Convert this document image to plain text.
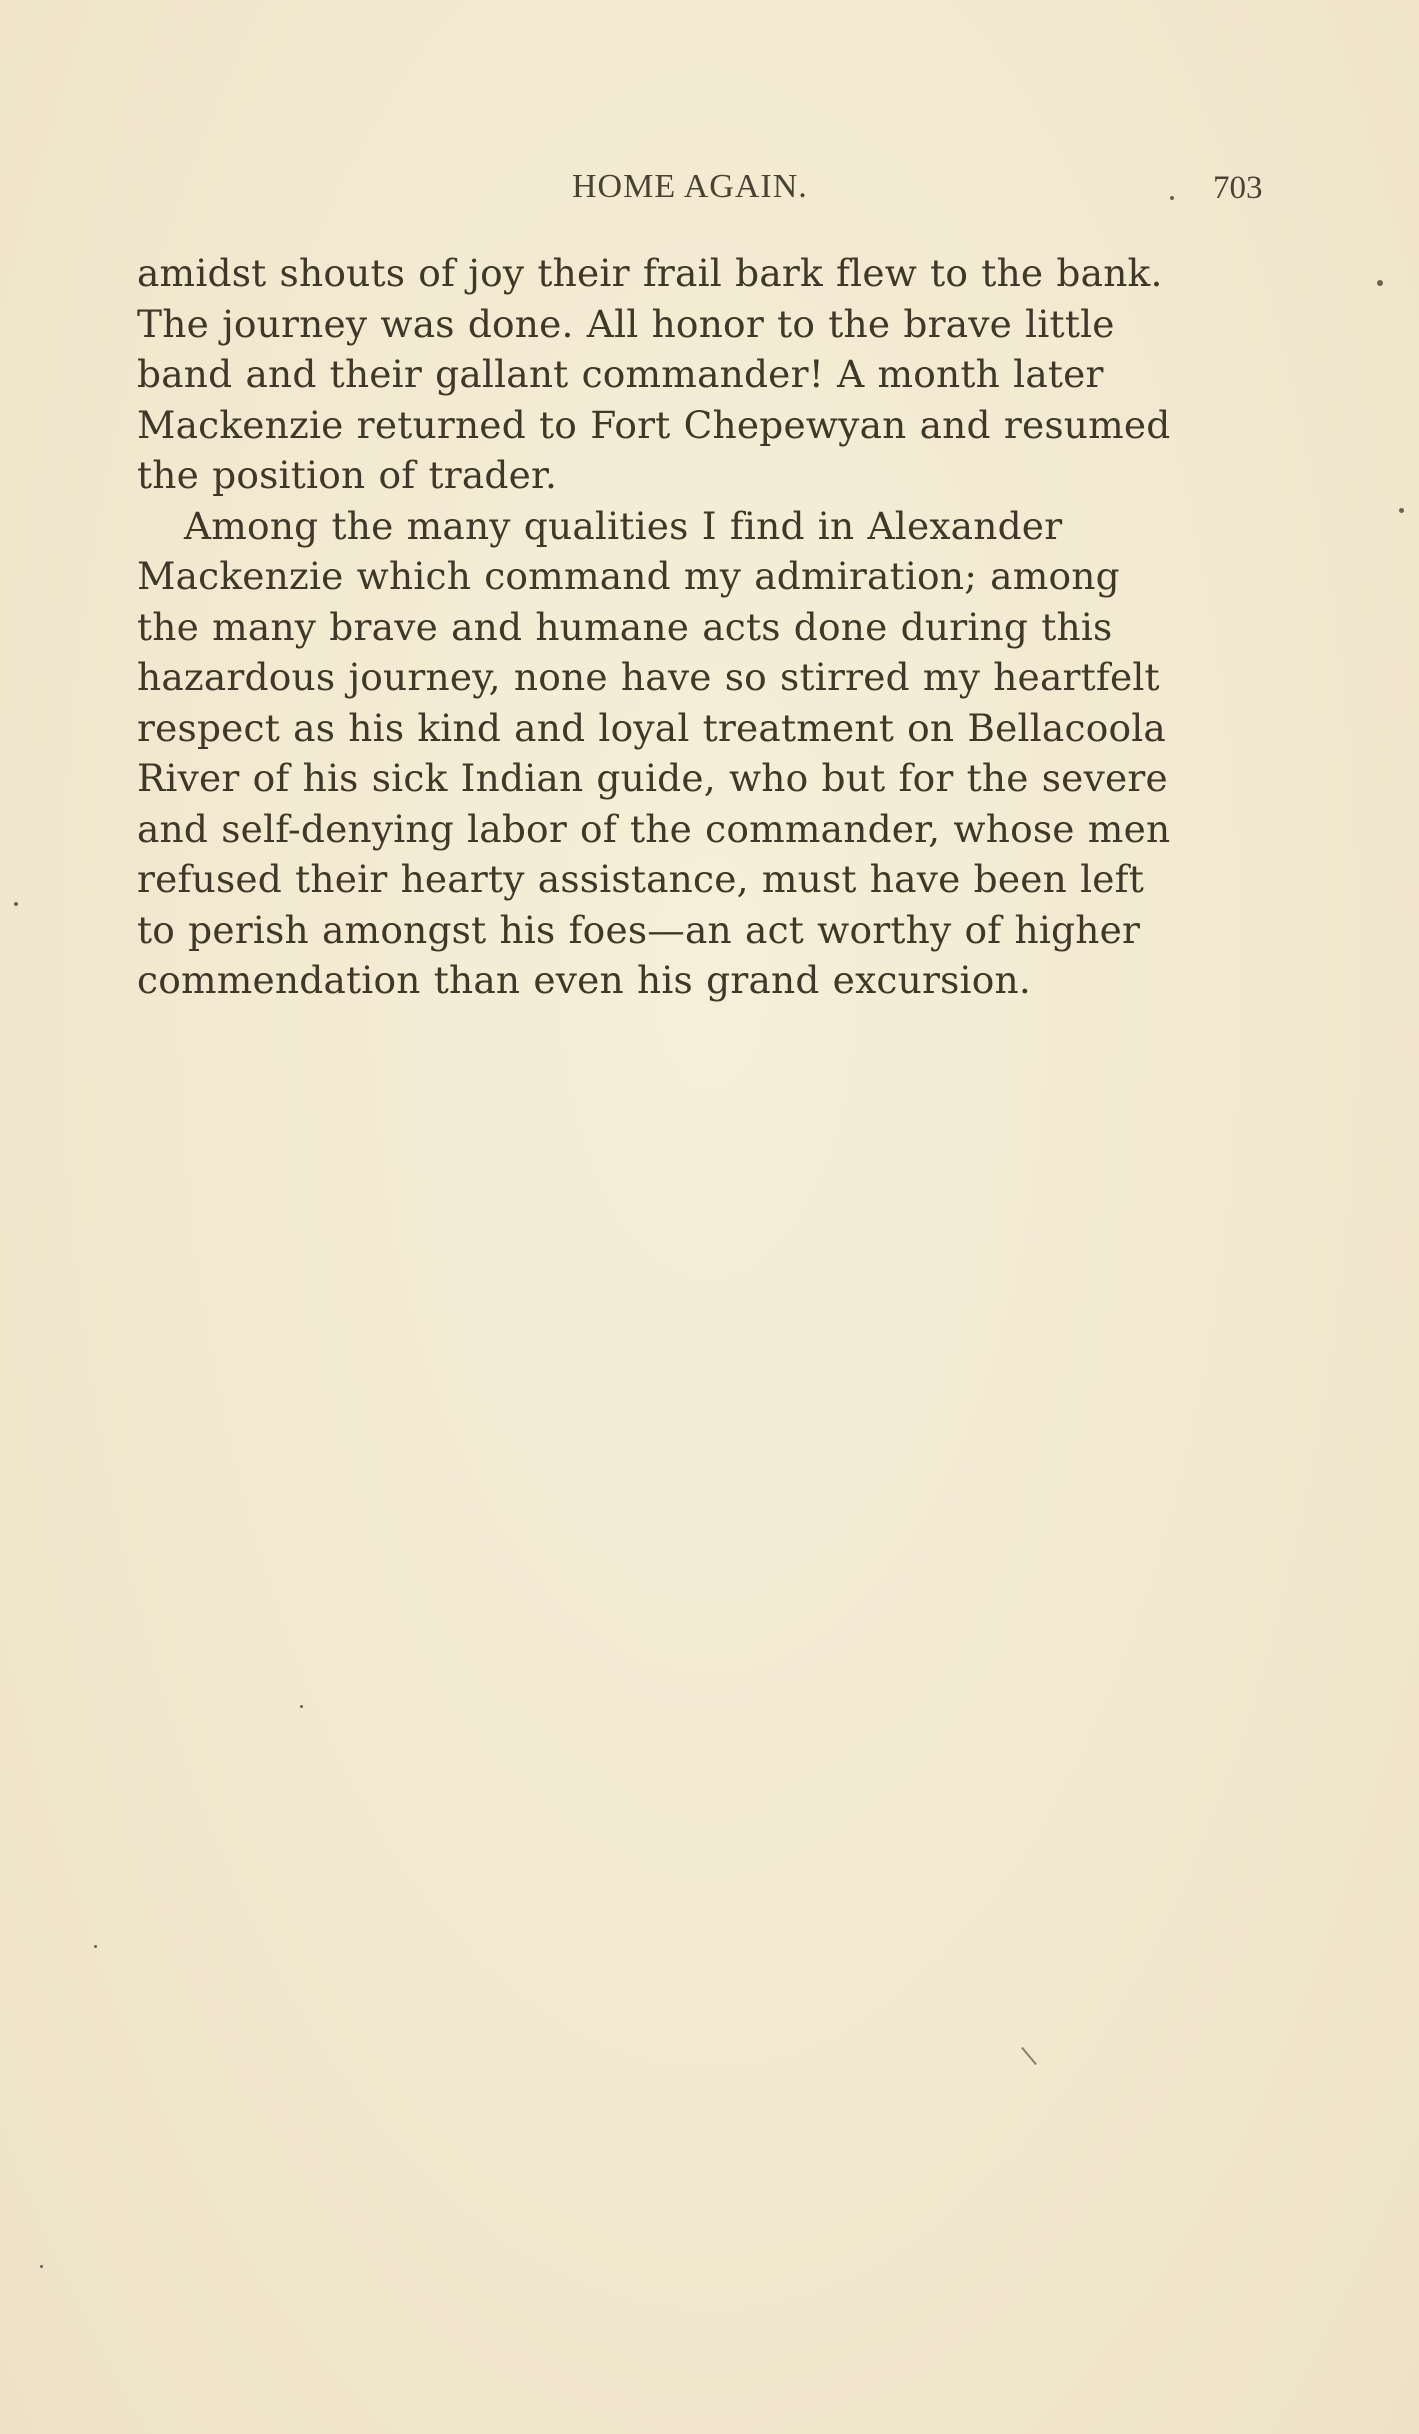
HOME AGAIN.	703
amidst shouts of joy their frail bark flew to the bank.
The journey was done. All honor to the brave little
band and their gallant commander! A month later
Mackenzie returned to Fort Chepewyan and resumed
the position of trader.
Among the many qualities I find in Alexander
Mackenzie which command my admiration; among
the many brave and humane acts done during this
hazardous journey, none have so stirred my heartfelt
respect as his kind and loyal treatment on Bellacoola
River of his sick Indian guide, who but for the severe
and self-denying labor of the commander, whose men
refused their hearty assistance, must have been left
to perish amongst his foes—an act worthy of higher
commendation than even his grand excursion.
